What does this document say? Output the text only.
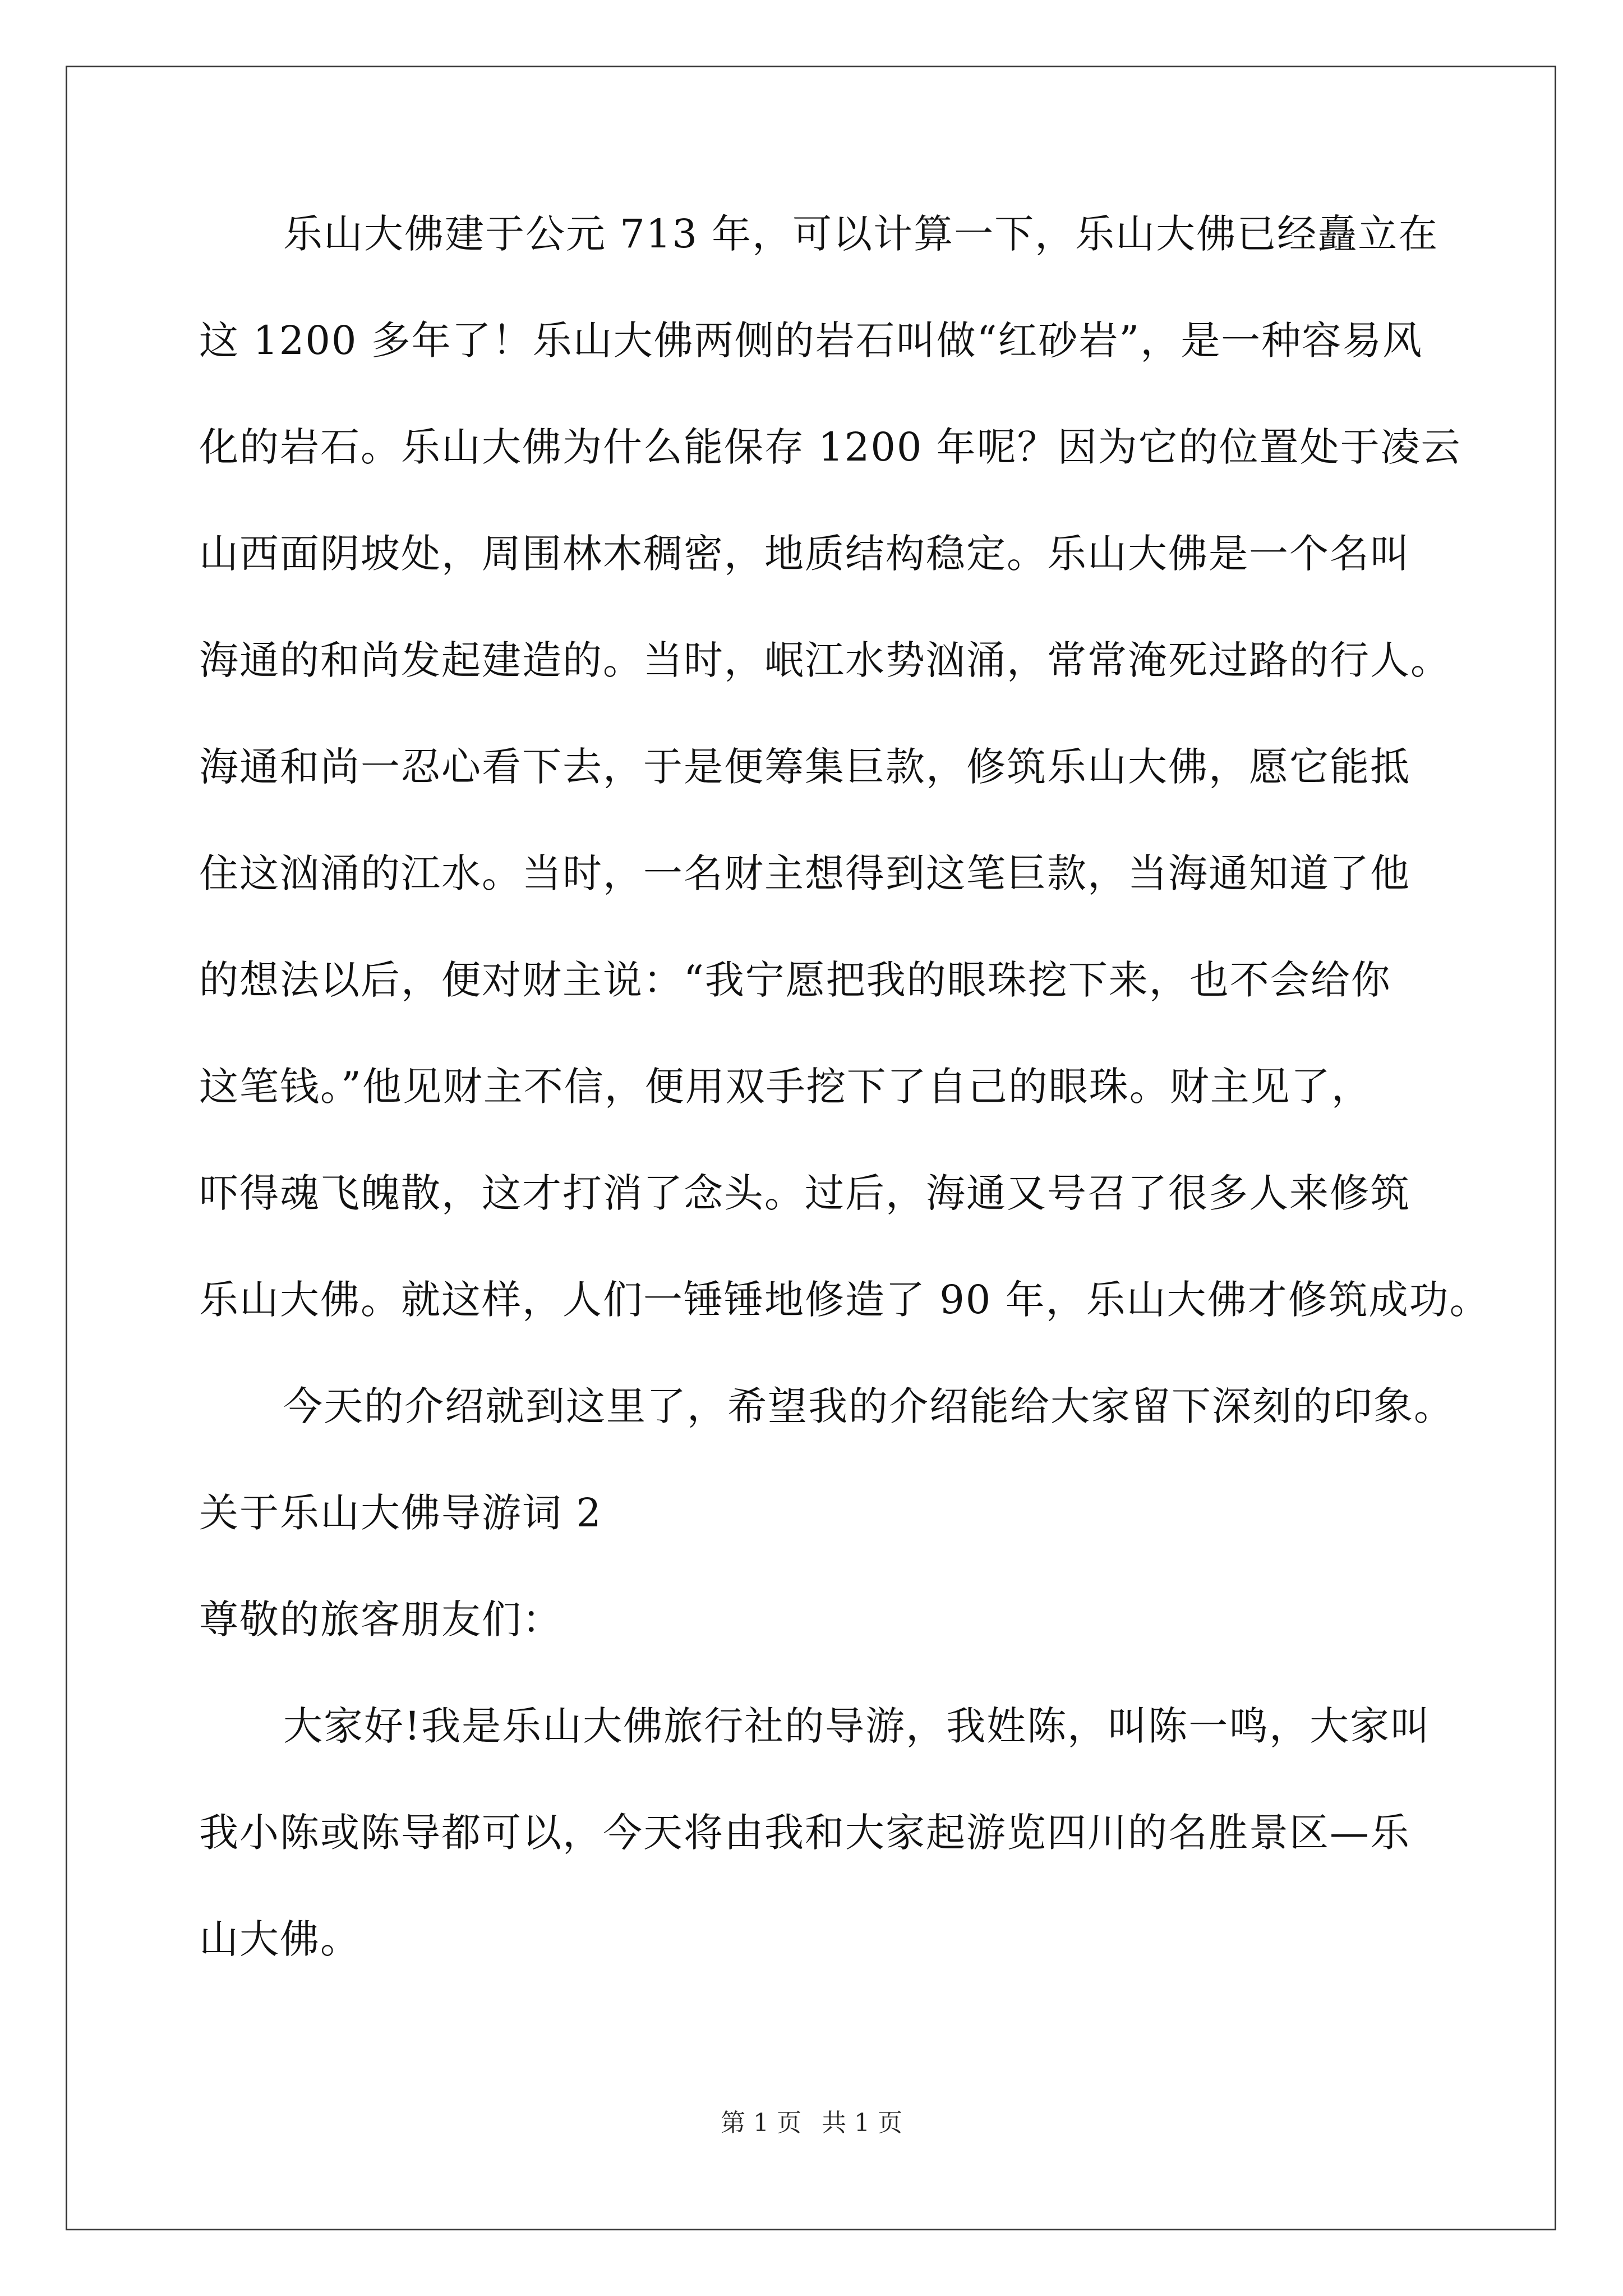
乐山大佛建于公元 713 年，可以计算一下，乐山大佛已经矗立在
这 1200 多年了！乐山大佛两侧的岩石叫做“红砂岩”，是一种容易风
化的岩石。乐山大佛为什么能保存 1200 年呢？因为它的位置处于凌云
山西面阴坡处，周围林木稠密，地质结构稳定。乐山大佛是一个名叫
海通的和尚发起建造的。当时，岷江水势汹涌，常常淹死过路的行人。
海通和尚一忍心看下去，于是便筹集巨款，修筑乐山大佛，愿它能抵
住这汹涌的江水。当时，一名财主想得到这笔巨款，当海通知道了他
的想法以后，便对财主说：“我宁愿把我的眼珠挖下来，也不会给你
这笔钱。”他见财主不信，便用双手挖下了自己的眼珠。财主见了，
吓得魂飞魄散，这才打消了念头。过后，海通又号召了很多人来修筑
乐山大佛。就这样，人们一锤锤地修造了 90 年，乐山大佛才修筑成功。
今天的介绍就到这里了，希望我的介绍能给大家留下深刻的印象。
关于乐山大佛导游词 2
尊敬的旅客朋友们：
大家好!我是乐山大佛旅行社的导游，我姓陈，叫陈一鸣，大家叫
我小陈或陈导都可以，今天将由我和大家起游览四川的名胜景区—乐
山大佛。
第 1 页 共 1 页
